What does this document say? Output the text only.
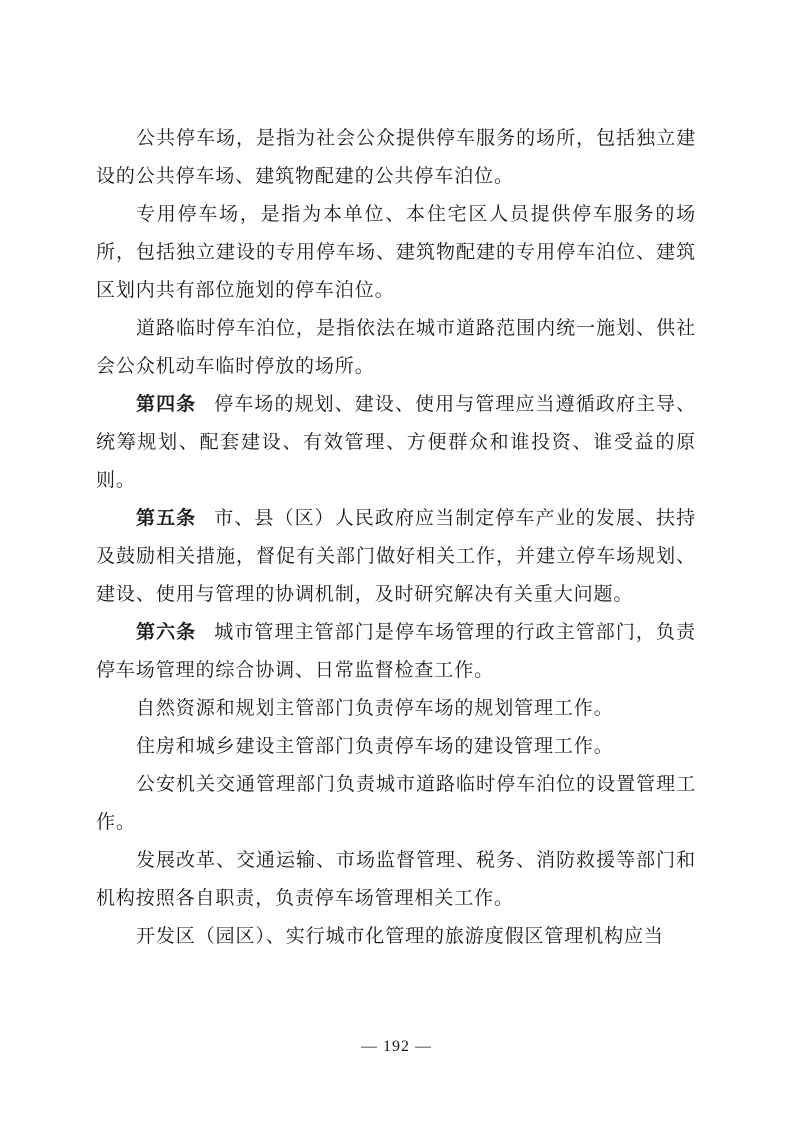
公共停车场，是指为社会公众提供停车服务的场所，包括独立建设的公共停车场、建筑物配建的公共停车泊位。

专用停车场，是指为本单位、本住宅区人员提供停车服务的场所，包括独立建设的专用停车场、建筑物配建的专用停车泊位、建筑区划内共有部位施划的停车泊位。

道路临时停车泊位，是指依法在城市道路范围内统一施划、供社会公众机动车临时停放的场所。

第四条 停车场的规划、建设、使用与管理应当遵循政府主导、统筹规划、配套建设、有效管理、方便群众和谁投资、谁受益的原则。

第五条 市、县（区）人民政府应当制定停车产业的发展、扶持及鼓励相关措施，督促有关部门做好相关工作，并建立停车场规划、建设、使用与管理的协调机制，及时研究解决有关重大问题。

第六条 城市管理主管部门是停车场管理的行政主管部门，负责停车场管理的综合协调、日常监督检查工作。

自然资源和规划主管部门负责停车场的规划管理工作。

住房和城乡建设主管部门负责停车场的建设管理工作。

公安机关交通管理部门负责城市道路临时停车泊位的设置管理工作。

发展改革、交通运输、市场监督管理、税务、消防救援等部门和机构按照各自职责，负责停车场管理相关工作。

开发区（园区）、实行城市化管理的旅游度假区管理机构应当

— 192 —
